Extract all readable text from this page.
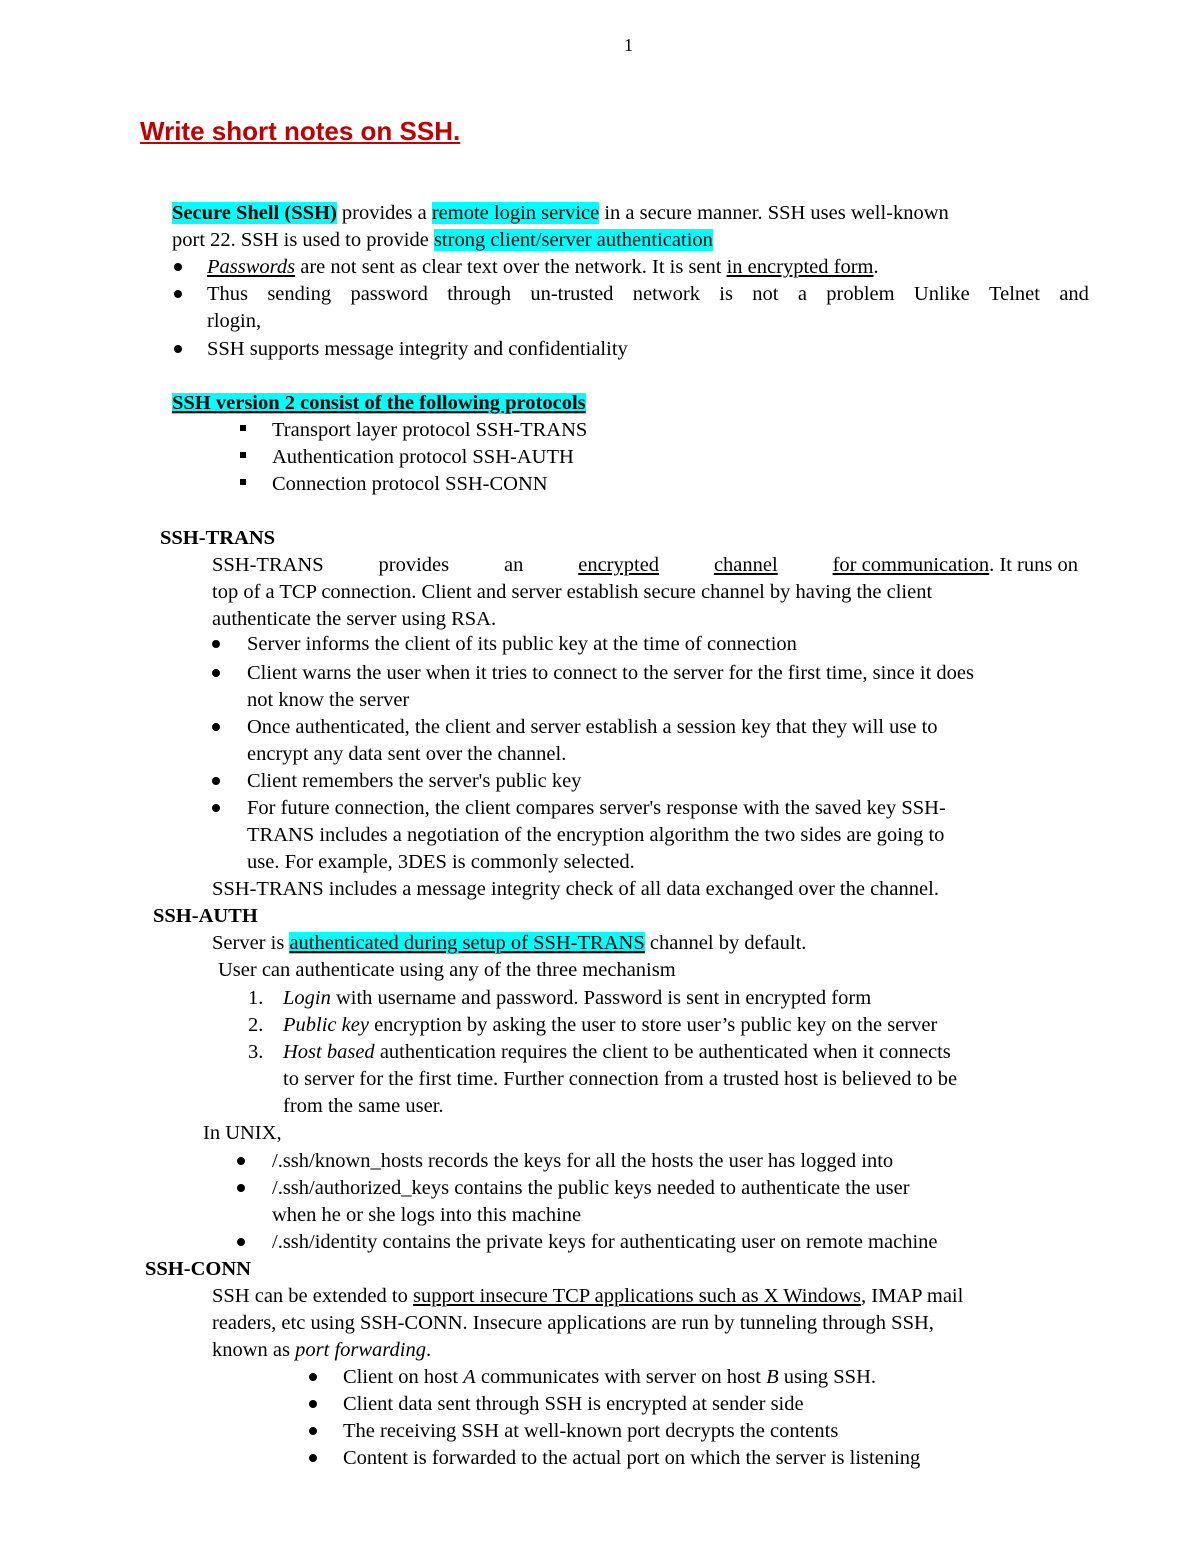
1
Write short notes on SSH.
Secure Shell (SSH) provides a remote login service in a secure manner. SSH uses well-known
port 22. SSH is used to provide strong client/server authentication
Passwords are not sent as clear text over the network. It is sent in encrypted form.
Thus sending password through un-trusted network is not a problem Unlike Telnet and
rlogin,
SSH supports message integrity and confidentiality
SSH version 2 consist of the following protocols
Transport layer protocol SSH-TRANS
Authentication protocol SSH-AUTH
Connection protocol SSH-CONN
SSH-TRANS
SSH-TRANS	provides	an	encrypted	channel	for communication. It runs on
top of a TCP connection. Client and server establish secure channel by having the client
authenticate the server using RSA.
Server informs the client of its public key at the time of connection
Client warns the user when it tries to connect to the server for the first time, since it does
not know the server
Once authenticated, the client and server establish a session key that they will use to
encrypt any data sent over the channel.
Client remembers the server's public key
For future connection, the client compares server's response with the saved key SSH-
TRANS includes a negotiation of the encryption algorithm the two sides are going to
use. For example, 3DES is commonly selected.
SSH-TRANS includes a message integrity check of all data exchanged over the channel.
SSH-AUTH
Server is authenticated during setup of SSH-TRANS channel by default.
User can authenticate using any of the three mechanism
1. Login with username and password. Password is sent in encrypted form
2. Public key encryption by asking the user to store user’s public key on the server
3. Host based authentication requires the client to be authenticated when it connects
to server for the first time. Further connection from a trusted host is believed to be
from the same user.
In UNIX,
/.ssh/known_hosts records the keys for all the hosts the user has logged into
/.ssh/authorized_keys contains the public keys needed to authenticate the user
when he or she logs into this machine
/.ssh/identity contains the private keys for authenticating user on remote machine
SSH-CONN
SSH can be extended to support insecure TCP applications such as X Windows, IMAP mail
readers, etc using SSH-CONN. Insecure applications are run by tunneling through SSH,
known as port forwarding.
Client on host A communicates with server on host B using SSH.
Client data sent through SSH is encrypted at sender side
The receiving SSH at well-known port decrypts the contents
Content is forwarded to the actual port on which the server is listening
